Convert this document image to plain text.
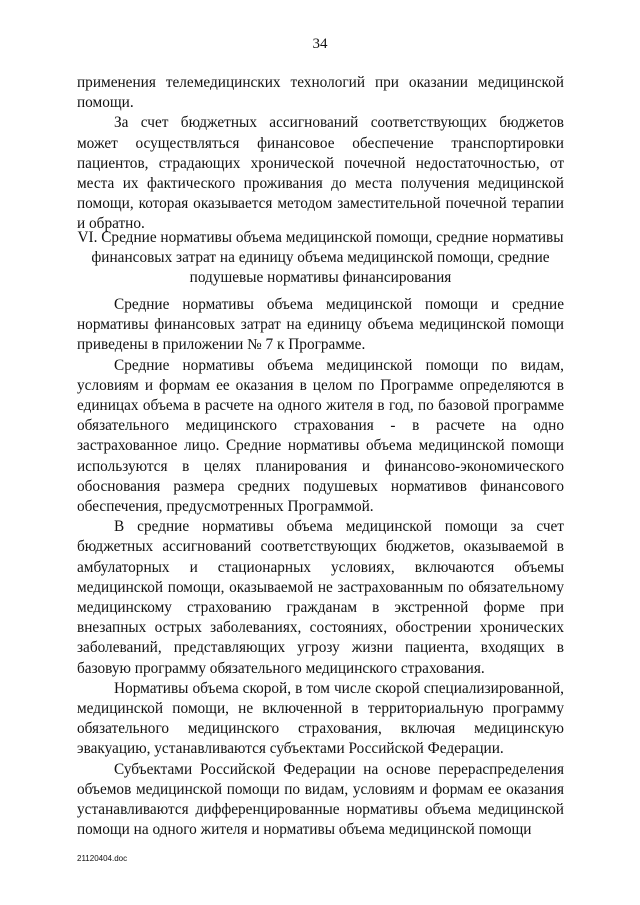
34

применения телемедицинских технологий при оказании медицинской помощи.

За счет бюджетных ассигнований соответствующих бюджетов может осуществляться финансовое обеспечение транспортировки пациентов, страдающих хронической почечной недостаточностью, от места их фактического проживания до места получения медицинской помощи, которая оказывается методом заместительной почечной терапии и обратно.

VI. Средние нормативы объема медицинской помощи, средние нормативы финансовых затрат на единицу объема медицинской помощи, средние подушевые нормативы финансирования

Средние нормативы объема медицинской помощи и средние нормативы финансовых затрат на единицу объема медицинской помощи приведены в приложении № 7 к Программе.

Средние нормативы объема медицинской помощи по видам, условиям и формам ее оказания в целом по Программе определяются в единицах объема в расчете на одного жителя в год, по базовой программе обязательного медицинского страхования - в расчете на одно застрахованное лицо. Средние нормативы объема медицинской помощи используются в целях планирования и финансово-экономического обоснования размера средних подушевых нормативов финансового обеспечения, предусмотренных Программой.

В средние нормативы объема медицинской помощи за счет бюджетных ассигнований соответствующих бюджетов, оказываемой в амбулаторных и стационарных условиях, включаются объемы медицинской помощи, оказываемой не застрахованным по обязательному медицинскому страхованию гражданам в экстренной форме при внезапных острых заболеваниях, состояниях, обострении хронических заболеваний, представляющих угрозу жизни пациента, входящих в базовую программу обязательного медицинского страхования.

Нормативы объема скорой, в том числе скорой специализированной, медицинской помощи, не включенной в территориальную программу обязательного медицинского страхования, включая медицинскую эвакуацию, устанавливаются субъектами Российской Федерации.

Субъектами Российской Федерации на основе перераспределения объемов медицинской помощи по видам, условиям и формам ее оказания устанавливаются дифференцированные нормативы объема медицинской помощи на одного жителя и нормативы объема медицинской помощи

21120404.doc
